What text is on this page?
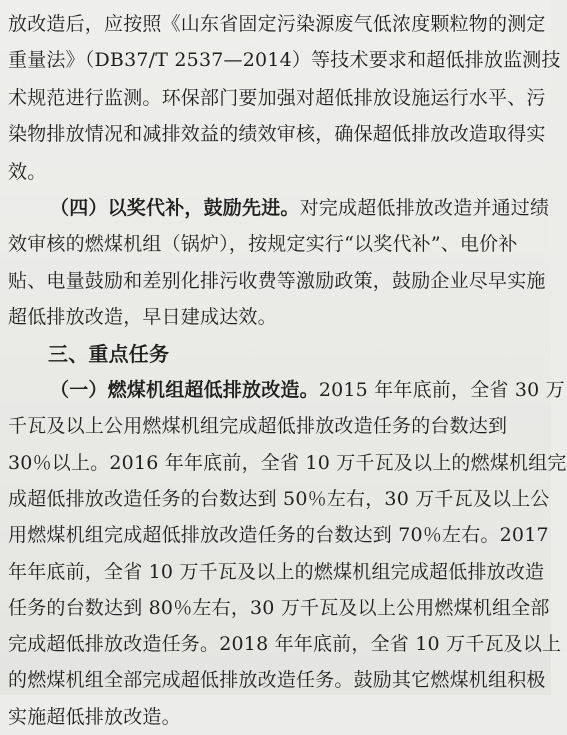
放改造后，应按照《山东省固定污染源废气低浓度颗粒物的测定
重量法》（DB37/T 2537—2014）等技术要求和超低排放监测技
术规范进行监测。环保部门要加强对超低排放设施运行水平、污
染物排放情况和减排效益的绩效审核，确保超低排放改造取得实
效。
（四）以奖代补，鼓励先进。对完成超低排放改造并通过绩
效审核的燃煤机组（锅炉），按规定实行“以奖代补”、电价补
贴、电量鼓励和差别化排污收费等激励政策，鼓励企业尽早实施
超低排放改造，早日建成达效。
三、重点任务
（一）燃煤机组超低排放改造。2015 年年底前，全省 30 万
千瓦及以上公用燃煤机组完成超低排放改造任务的台数达到
30％以上。2016 年年底前，全省 10 万千瓦及以上的燃煤机组完
成超低排放改造任务的台数达到 50％左右，30 万千瓦及以上公
用燃煤机组完成超低排放改造任务的台数达到 70％左右。2017
年年底前，全省 10 万千瓦及以上的燃煤机组完成超低排放改造
任务的台数达到 80％左右，30 万千瓦及以上公用燃煤机组全部
完成超低排放改造任务。2018 年年底前，全省 10 万千瓦及以上
的燃煤机组全部完成超低排放改造任务。鼓励其它燃煤机组积极
实施超低排放改造。
